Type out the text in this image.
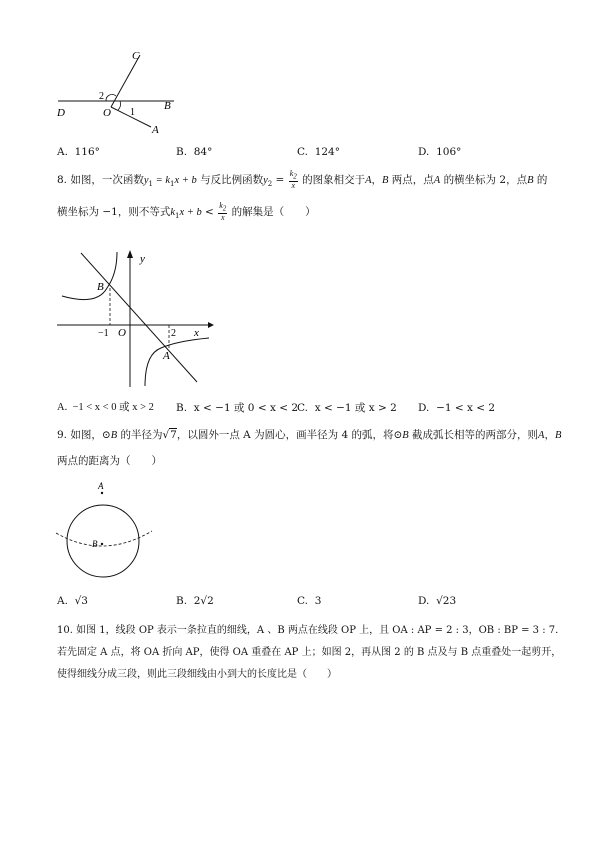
C
D	O
B
A
2
1
A. 116°	B. 84°	C. 124°	D. 106°
8. 如图，一次函数$y_1 = k_1x + b$ 与反比例函数$y_2 = \frac{k_2}{x}$ 的图象相交于A，B 两点，点A 的横坐标为 2，点B 的
横坐标为 −1，则不等式$k_1x + b < \frac{k_2}{x}$ 的解集是（　　）
y
x
B
O
A
−1	2
A. −1 < x < 0 或 x > 2 B. x < −1 或 0 < x < 2
C. x < −1 或 x > 2 D. −1 < x < 2
9. 如图，⊙B 的半径为√7，以圆外一点 A 为圆心，画半径为 4 的弧，将⊙B 截成弧长相等的两部分，则A，B
两点的距离为（　　）
A
B
A. √3	B. 2√2	C. 3	D. √23
10. 如图 1，线段 OP 表示一条拉直的细线，A 、B 两点在线段 OP 上，且 OA : AP = 2 : 3，OB : BP = 3 : 7．
若先固定 A 点，将 OA 折向 AP，使得 OA 重叠在 AP 上；如图 2，再从图 2 的 B 点及与 B 点重叠处一起剪开，
使得细线分成三段，则此三段细线由小到大的长度比是（　　）
